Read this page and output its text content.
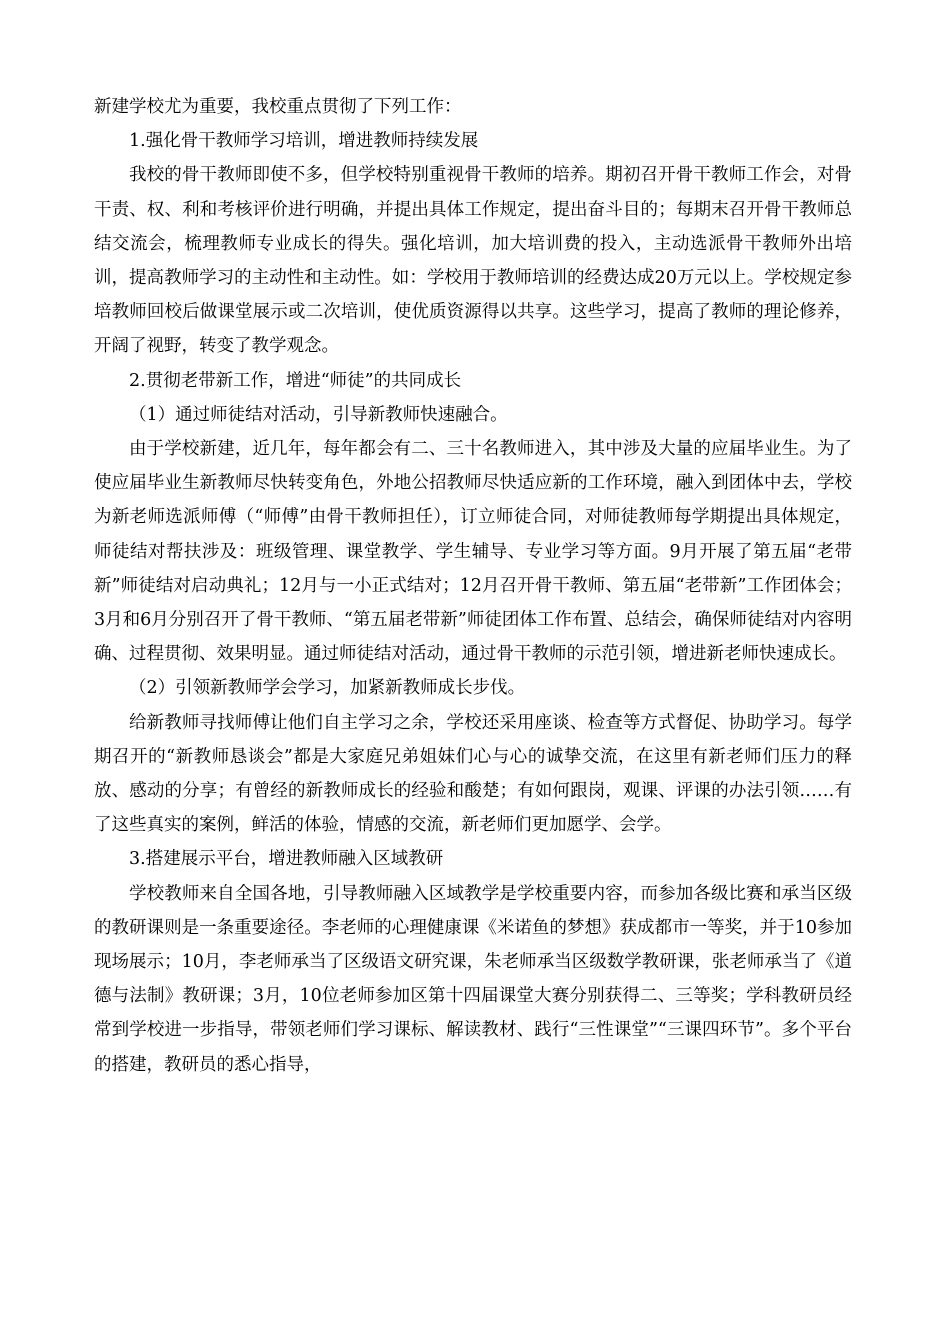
新建学校尤为重要，我校重点贯彻了下列工作：

1.强化骨干教师学习培训，增进教师持续发展

我校的骨干教师即使不多，但学校特别重视骨干教师的培养。期初召开骨干教师工作会，对骨干责、权、利和考核评价进行明确，并提出具体工作规定，提出奋斗目的；每期末召开骨干教师总结交流会，梳理教师专业成长的得失。强化培训，加大培训费的投入，主动选派骨干教师外出培训，提高教师学习的主动性和主动性。如：学校用于教师培训的经费达成20万元以上。学校规定参培教师回校后做课堂展示或二次培训，使优质资源得以共享。这些学习，提高了教师的理论修养，开阔了视野，转变了教学观念。

2.贯彻老带新工作，增进“师徒”的共同成长

（1）通过师徒结对活动，引导新教师快速融合。

由于学校新建，近几年，每年都会有二、三十名教师进入，其中涉及大量的应届毕业生。为了使应届毕业生新教师尽快转变角色，外地公招教师尽快适应新的工作环境，融入到团体中去，学校为新老师选派师傅（“师傅”由骨干教师担任），订立师徒合同，对师徒教师每学期提出具体规定，师徒结对帮扶涉及：班级管理、课堂教学、学生辅导、专业学习等方面。9月开展了第五届“老带新”师徒结对启动典礼；12月与一小正式结对；12月召开骨干教师、第五届“老带新”工作团体会；3月和6月分别召开了骨干教师、“第五届老带新”师徒团体工作布置、总结会，确保师徒结对内容明确、过程贯彻、效果明显。通过师徒结对活动，通过骨干教师的示范引领，增进新老师快速成长。

（2）引领新教师学会学习，加紧新教师成长步伐。

给新教师寻找师傅让他们自主学习之余，学校还采用座谈、检查等方式督促、协助学习。每学期召开的“新教师恳谈会”都是大家庭兄弟姐妹们心与心的诚挚交流，在这里有新老师们压力的释放、感动的分享；有曾经的新教师成长的经验和酸楚；有如何跟岗，观课、评课的办法引领……有了这些真实的案例，鲜活的体验，情感的交流，新老师们更加愿学、会学。

3.搭建展示平台，增进教师融入区域教研

学校教师来自全国各地，引导教师融入区域教学是学校重要内容，而参加各级比赛和承当区级的教研课则是一条重要途径。李老师的心理健康课《米诺鱼的梦想》获成都市一等奖，并于10参加现场展示；10月，李老师承当了区级语文研究课，朱老师承当区级数学教研课，张老师承当了《道德与法制》教研课；3月，10位老师参加区第十四届课堂大赛分别获得二、三等奖；学科教研员经常到学校进一步指导，带领老师们学习课标、解读教材、践行“三性课堂”“三课四环节”。多个平台的搭建，教研员的悉心指导，
